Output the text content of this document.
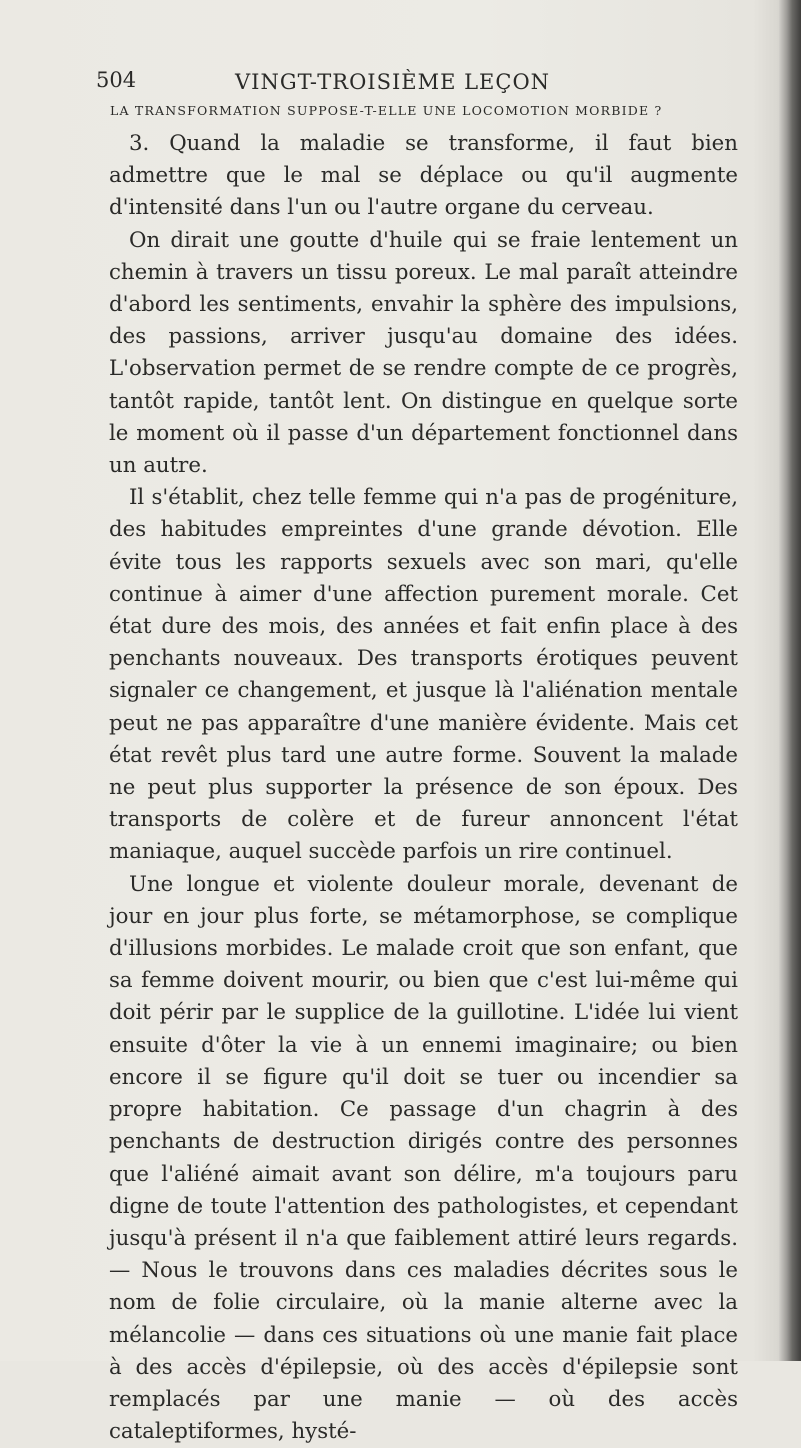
504	VINGT-TROISIÈME LEÇON
LA TRANSFORMATION SUPPOSE-T-ELLE UNE LOCOMOTION MORBIDE ?

3. Quand la maladie se transforme, il faut bien admettre que le mal se déplace ou qu'il augmente d'intensité dans l'un ou l'autre organe du cerveau.

On dirait une goutte d'huile qui se fraie lentement un chemin à travers un tissu poreux. Le mal paraît atteindre d'abord les sentiments, envahir la sphère des impulsions, des passions, arriver jusqu'au domaine des idées. L'observation permet de se rendre compte de ce progrès, tantôt rapide, tantôt lent. On distingue en quelque sorte le moment où il passe d'un département fonctionnel dans un autre.

Il s'établit, chez telle femme qui n'a pas de progéniture, des habitudes empreintes d'une grande dévotion. Elle évite tous les rapports sexuels avec son mari, qu'elle continue à aimer d'une affection purement morale. Cet état dure des mois, des années et fait enfin place à des penchants nouveaux. Des transports érotiques peuvent signaler ce changement, et jusque là l'aliénation mentale peut ne pas apparaître d'une manière évidente. Mais cet état revêt plus tard une autre forme. Souvent la malade ne peut plus supporter la présence de son époux. Des transports de colère et de fureur annoncent l'état maniaque, auquel succède parfois un rire continuel.

Une longue et violente douleur morale, devenant de jour en jour plus forte, se métamorphose, se complique d'illusions morbides. Le malade croit que son enfant, que sa femme doivent mourir, ou bien que c'est lui-même qui doit périr par le supplice de la guillotine. L'idée lui vient ensuite d'ôter la vie à un ennemi imaginaire; ou bien encore il se figure qu'il doit se tuer ou incendier sa propre habitation. Ce passage d'un chagrin à des penchants de destruction dirigés contre des personnes que l'aliéné aimait avant son délire, m'a toujours paru digne de toute l'attention des pathologistes, et cependant jusqu'à présent il n'a que faiblement attiré leurs regards. — Nous le trouvons dans ces maladies décrites sous le nom de folie circulaire, où la manie alterne avec la mélancolie — dans ces situations où une manie fait place à des accès d'épilepsie, où des accès d'épilepsie sont remplacés par une manie — où des accès cataleptiformes, hysté-
